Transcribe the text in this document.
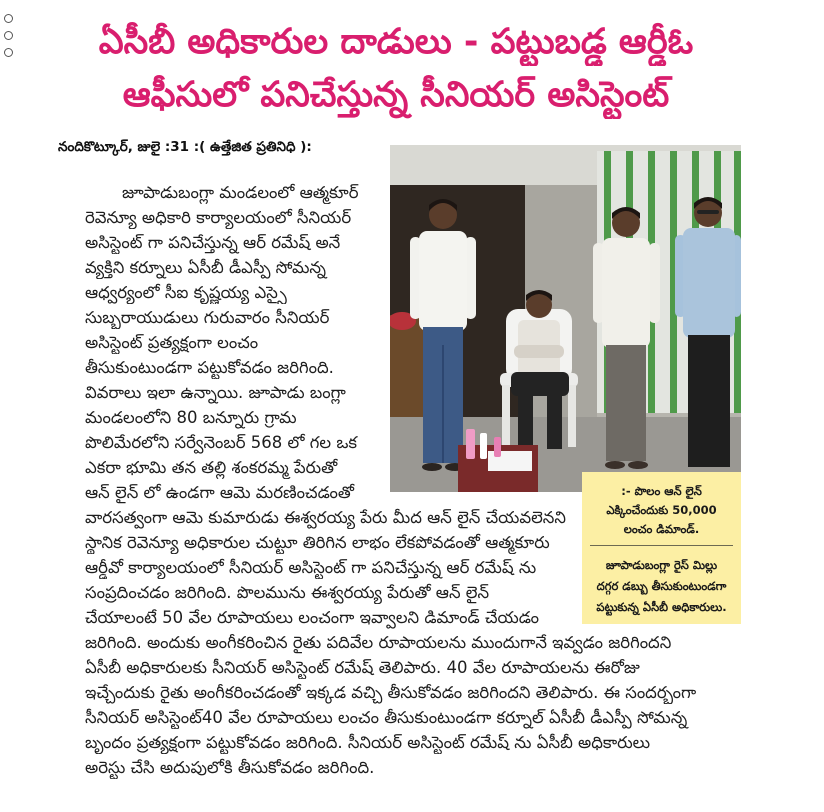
ఏసీబీ అధికారుల దాడులు - పట్టుబడ్డ ఆర్డీఓ
ఆఫీసులో పనిచేస్తున్న సీనియర్ అసిస్టెంట్
నందికొట్కూర్, జులై :31 :( ఉత్తేజిత ప్రతినిధి ):
జూపాడుబంగ్లా మండలంలో ఆత్మకూర్
రెవెన్యూ అధికారి కార్యాలయంలో సీనియర్
అసిస్టెంట్ గా పనిచేస్తున్న ఆర్ రమేష్ అనే
వ్యక్తిని కర్నూలు ఏసీబీ డీఎస్పీ సోమన్న
ఆధ్వర్యంలో సీఐ కృష్ణయ్య ఎస్సై
సుబ్బరాయుడులు గురువారం సీనియర్
అసిస్టెంట్ ప్రత్యక్షంగా లంచం
తీసుకుంటుండగా పట్టుకోవడం జరిగింది.
వివరాలు ఇలా ఉన్నాయి. జూపాడు బంగ్లా
మండలంలోని 80 బన్నూరు గ్రామ
పొలిమేరలోని సర్వేనెంబర్ 568 లో గల ఒక
ఎకరా భూమి తన తల్లి శంకరమ్మ పేరుతో
ఆన్ లైన్ లో ఉండగా ఆమె మరణించడంతో
వారసత్వంగా ఆమె కుమారుడు ఈశ్వరయ్య పేరు మీద ఆన్ లైన్ చేయవలెనని
స్థానిక రెవెన్యూ అధికారుల చుట్టూ తిరిగిన లాభం లేకపోవడంతో ఆత్మకూరు
ఆర్డీవో కార్యాలయంలో సీనియర్ అసిస్టెంట్ గా పనిచేస్తున్న ఆర్ రమేష్ ను
సంప్రదించడం జరిగింది. పొలమును ఈశ్వరయ్య పేరుతో ఆన్ లైన్
చేయాలంటే 50 వేల రూపాయలు లంచంగా ఇవ్వాలని డిమాండ్ చేయడం
జరిగింది. అందుకు అంగీకరించిన రైతు పదివేల రూపాయలను ముందుగానే ఇవ్వడం జరిగిందని
ఏసీబీ అధికారులకు సీనియర్ అసిస్టెంట్ రమేష్ తెలిపారు. 40 వేల రూపాయలను ఈరోజు
ఇచ్చేందుకు రైతు అంగీకరించడంతో ఇక్కడ వచ్చి తీసుకోవడం జరిగిందని తెలిపారు. ఈ సందర్భంగా
సీనియర్ అసిస్టెంట్40 వేల రూపాయలు లంచం తీసుకుంటుండగా కర్నూల్ ఏసీబీ డీఎస్పీ సోమన్న
బృందం ప్రత్యక్షంగా పట్టుకోవడం జరిగింది. సీనియర్ అసిస్టెంట్ రమేష్ ను ఏసీబీ అధికారులు
అరెస్టు చేసి అదుపులోకి తీసుకోవడం జరిగింది.
:- పొలం ఆన్ లైన్
ఎక్కించేందుకు 50,000
లంచం డిమాండ్.
జూపాడుబంగ్లా రైస్ మిల్లు
దగ్గర డబ్బు తీసుకుంటుండగా
పట్టుకున్న ఏసీబీ అధికారులు.
